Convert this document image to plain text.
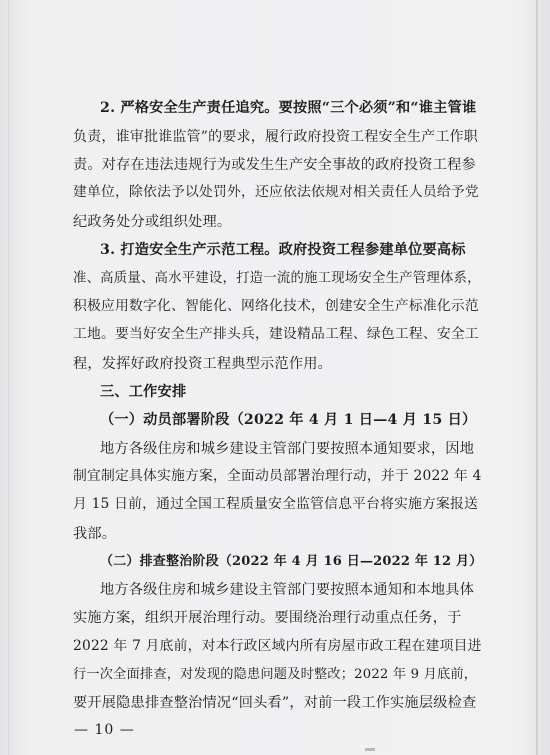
2. 严格安全生产责任追究。要按照“三个必须”和“谁主管谁
负责，谁审批谁监管”的要求，履行政府投资工程安全生产工作职
责。对存在违法违规行为或发生生产安全事故的政府投资工程参
建单位，除依法予以处罚外，还应依法依规对相关责任人员给予党
纪政务处分或组织处理。
3. 打造安全生产示范工程。政府投资工程参建单位要高标
准、高质量、高水平建设，打造一流的施工现场安全生产管理体系，
积极应用数字化、智能化、网络化技术，创建安全生产标准化示范
工地。要当好安全生产排头兵，建设精品工程、绿色工程、安全工
程，发挥好政府投资工程典型示范作用。
三、工作安排
（一）动员部署阶段（2022 年 4 月 1 日—4 月 15 日）
地方各级住房和城乡建设主管部门要按照本通知要求，因地
制宜制定具体实施方案，全面动员部署治理行动，并于 2022 年 4
月 15 日前，通过全国工程质量安全监管信息平台将实施方案报送
我部。
（二）排查整治阶段（2022 年 4 月 16 日—2022 年 12 月）
地方各级住房和城乡建设主管部门要按照本通知和本地具体
实施方案，组织开展治理行动。要围绕治理行动重点任务，于
2022 年 7 月底前，对本行政区域内所有房屋市政工程在建项目进
行一次全面排查，对发现的隐患问题及时整改；2022 年 9 月底前，
要开展隐患排查整治情况“回头看”，对前一段工作实施层级检查
— 10 —
